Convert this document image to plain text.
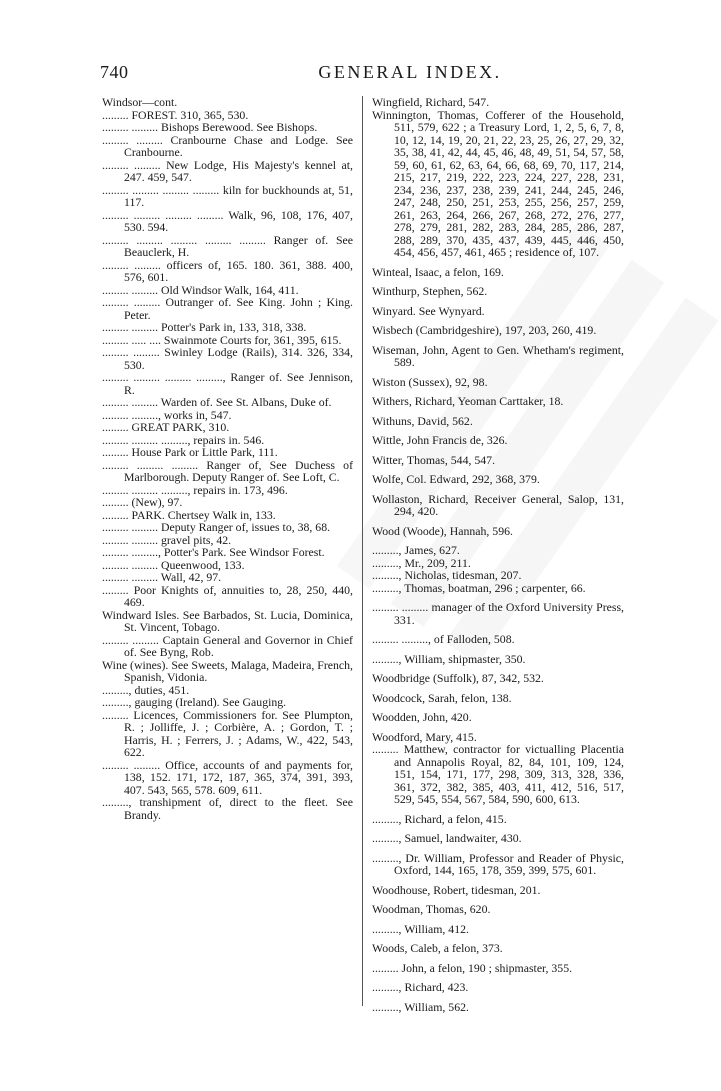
740	GENERAL INDEX.

Windsor—cont.

......... FOREST. 310, 365, 530.

......... ......... Bishops Berewood. See Bishops.

......... ......... Cranbourne Chase and Lodge. See Cranbourne.

......... ......... New Lodge, His Majesty's kennel at, 247. 459, 547.

......... ......... ......... ......... kiln for buckhounds at, 51, 117.

......... ......... ......... ......... Walk, 96, 108, 176, 407, 530. 594.

......... ......... ......... ......... ......... Ranger of. See Beauclerk, H.

......... ......... officers of, 165. 180. 361, 388. 400, 576, 601.

......... ......... Old Windsor Walk, 164, 411.

......... ......... Outranger of. See King. John ; King. Peter.

......... ......... Potter's Park in, 133, 318, 338.

......... ..... .... Swainmote Courts for, 361, 395, 615.

......... ......... Swinley Lodge (Rails), 314. 326, 334, 530.

......... ......... ......... ........., Ranger of. See Jennison, R.

......... ......... Warden of. See St. Albans, Duke of.

......... ........., works in, 547.

......... GREAT PARK, 310.

......... ......... ........., repairs in. 546.

......... House Park or Little Park, 111.

......... ......... ......... Ranger of, See Duchess of Marlborough. Deputy Ranger of. See Loft, C.

......... ......... ........., repairs in. 173, 496.

......... (New), 97.

......... PARK. Chertsey Walk in, 133.

......... ......... Deputy Ranger of, issues to, 38, 68.

......... ......... gravel pits, 42.

......... ........., Potter's Park. See Windsor Forest.

......... ......... Queenwood, 133.

......... ......... Wall, 42, 97.

......... Poor Knights of, annuities to, 28, 250, 440, 469.

Windward Isles. See Barbados, St. Lucia, Dominica, St. Vincent, Tobago.

......... ......... Captain General and Governor in Chief of. See Byng, Rob.

Wine (wines). See Sweets, Malaga, Madeira, French, Spanish, Vidonia.

........., duties, 451.

........., gauging (Ireland). See Gauging.

......... Licences, Commissioners for. See Plumpton, R. ; Jolliffe, J. ; Corbière, A. ; Gordon, T. ; Harris, H. ; Ferrers, J. ; Adams, W., 422, 543, 622.

......... ......... Office, accounts of and payments for, 138, 152. 171, 172, 187, 365, 374, 391, 393, 407. 543, 565, 578. 609, 611.

........., transhipment of, direct to the fleet. See Brandy.

Wingfield, Richard, 547.

Winnington, Thomas, Cofferer of the Household, 511, 579, 622 ; a Treasury Lord, 1, 2, 5, 6, 7, 8, 10, 12, 14, 19, 20, 21, 22, 23, 25, 26, 27, 29, 32, 35, 38, 41, 42, 44, 45, 46, 48, 49, 51, 54, 57, 58, 59, 60, 61, 62, 63, 64, 66, 68, 69, 70, 117, 214, 215, 217, 219, 222, 223, 224, 227, 228, 231, 234, 236, 237, 238, 239, 241, 244, 245, 246, 247, 248, 250, 251, 253, 255, 256, 257, 259, 261, 263, 264, 266, 267, 268, 272, 276, 277, 278, 279, 281, 282, 283, 284, 285, 286, 287, 288, 289, 370, 435, 437, 439, 445, 446, 450, 454, 456, 457, 461, 465 ; residence of, 107.

Winteal, Isaac, a felon, 169.

Winthurp, Stephen, 562.

Winyard. See Wynyard.

Wisbech (Cambridgeshire), 197, 203, 260, 419.

Wiseman, John, Agent to Gen. Whetham's regiment, 589.

Wiston (Sussex), 92, 98.

Withers, Richard, Yeoman Carttaker, 18.

Withuns, David, 562.

Wittle, John Francis de, 326.

Witter, Thomas, 544, 547.

Wolfe, Col. Edward, 292, 368, 379.

Wollaston, Richard, Receiver General, Salop, 131, 294, 420.

Wood (Woode), Hannah, 596.

........., James, 627.

........., Mr., 209, 211.

........., Nicholas, tidesman, 207.

........., Thomas, boatman, 296 ; carpenter, 66.

......... ......... manager of the Oxford University Press, 331.

......... ........., of Falloden, 508.

........., William, shipmaster, 350.

Woodbridge (Suffolk), 87, 342, 532.

Woodcock, Sarah, felon, 138.

Woodden, John, 420.

Woodford, Mary, 415.

......... Matthew, contractor for victualling Placentia and Annapolis Royal, 82, 84, 101, 109, 124, 151, 154, 171, 177, 298, 309, 313, 328, 336, 361, 372, 382, 385, 403, 411, 412, 516, 517, 529, 545, 554, 567, 584, 590, 600, 613.

........., Richard, a felon, 415.

........., Samuel, landwaiter, 430.

........., Dr. William, Professor and Reader of Physic, Oxford, 144, 165, 178, 359, 399, 575, 601.

Woodhouse, Robert, tidesman, 201.

Woodman, Thomas, 620.

........., William, 412.

Woods, Caleb, a felon, 373.

......... John, a felon, 190 ; shipmaster, 355.

........., Richard, 423.

........., William, 562.
